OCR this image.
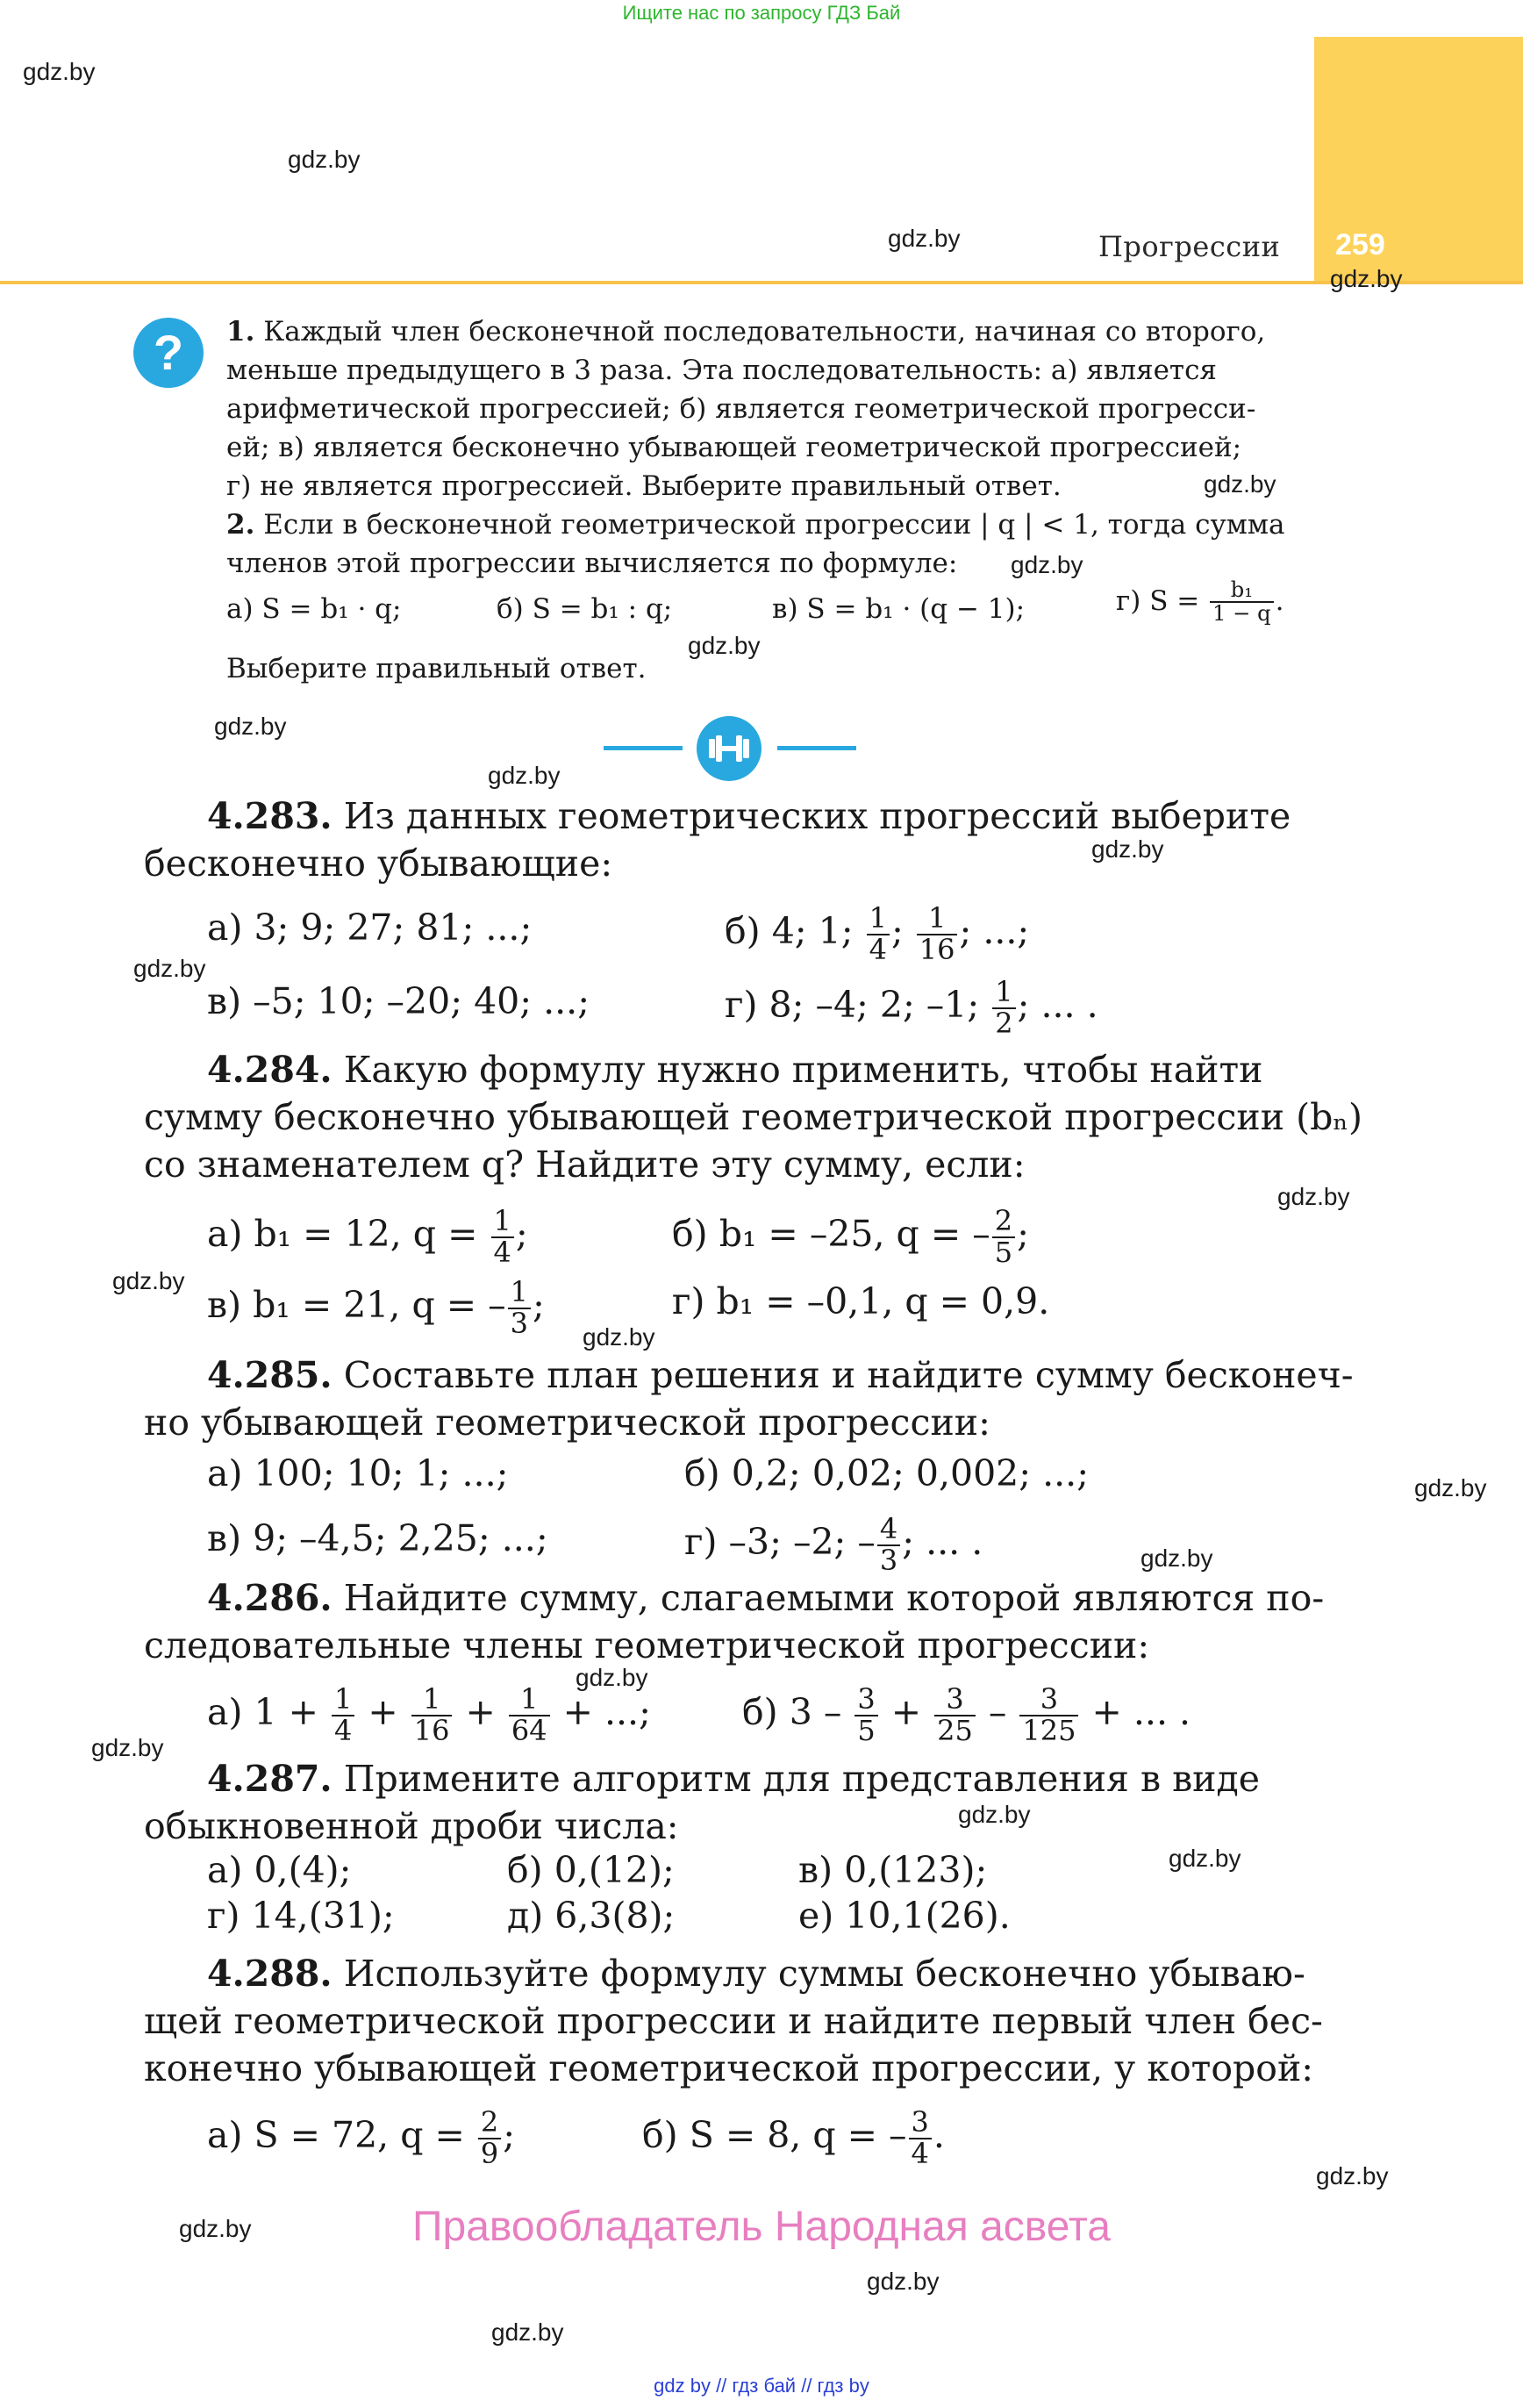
Ищите нас по запросу ГДЗ Бай
Прогрессии 259
gdz.by
gdz.by
gdz.by
gdz.by
gdz.by
gdz.by
gdz.by
gdz.by
gdz.by
gdz.by
gdz.by
gdz.by
gdz.by
gdz.by
gdz.by
gdz.by
gdz.by
gdz.by
gdz.by
gdz.by
gdz.by
gdz.by
gdz.by
gdz.by
?	1. Каждый член бесконечной последовательности, начиная со второго,
меньше предыдущего в 3 раза. Эта последовательность: а) является
арифметической прогрессией; б) является геометрической прогресси-
ей; в) является бесконечно убывающей геометрической прогрессией;
г) не является прогрессией. Выберите правильный ответ.
2. Если в бесконечной геометрической прогрессии | q | < 1, тогда сумма
членов этой прогрессии вычисляется по формуле:
а) S = b₁ · q;	б) S = b₁ : q;	в) S = b₁ · (q − 1);	г) $S = \frac{\text{b₁}}{1 - q}$ .
Выберите правильный ответ.
4.283. Из данных геометрических прогрессий выберите
бесконечно убывающие:
а) 3; 9; 27; 81; ...;	б) 4; 1; $\frac{1}{4}$ ; $\frac{1}{16}$ ; ...;
в) –5; 10; –20; 40; ...;	г) 8; –4; 2; –1; $\frac{1}{2}$ ; ... .
4.284. Какую формулу нужно применить, чтобы найти
сумму бесконечно убывающей геометрической прогрессии (bₙ)
со знаменателем q? Найдите эту сумму, если:
а) b₁ = 12, $q = \frac{1}{4}$ ;	б) b₁ = –25, q = – $\frac{2}{5}$ ;
в) b₁ = 21, q = – $\frac{1}{3}$ ;	г) b₁ = –0,1, q = 0,9.
4.285. Составьте план решения и найдите сумму бесконеч-
но убывающей геометрической прогрессии:
а) 100; 10; 1; ...;	б) 0,2; 0,02; 0,002; ...;
в) 9; –4,5; 2,25; ...;	г) –3; –2; – $\frac{4}{3}$ ; ... .
4.286. Найдите сумму, слагаемыми которой являются по-
следовательные члены геометрической прогрессии:
а) $1 + \frac{1}{4} + \frac{1}{16} + \frac{1}{64}$ + ...;	б) $3 - \frac{3}{5} + \frac{3}{25} - \frac{3}{125}$ + ... .
4.287. Примените алгоритм для представления в виде
обыкновенной дроби числа:
а) 0,(4);	б) 0,(12);	в) 0,(123);
г) 14,(31);	д) 6,3(8);	е) 10,1(26).
4.288. Используйте формулу суммы бесконечно убываю-
щей геометрической прогрессии и найдите первый член бес-
конечно убывающей геометрической прогрессии, у которой:
а) S = 72, $q = \frac{2}{9}$ ;	б) S = 8, q = – $\frac{3}{4}$ .
Правообладатель Народная асвета
gdz by // гдз бай // гдз by
